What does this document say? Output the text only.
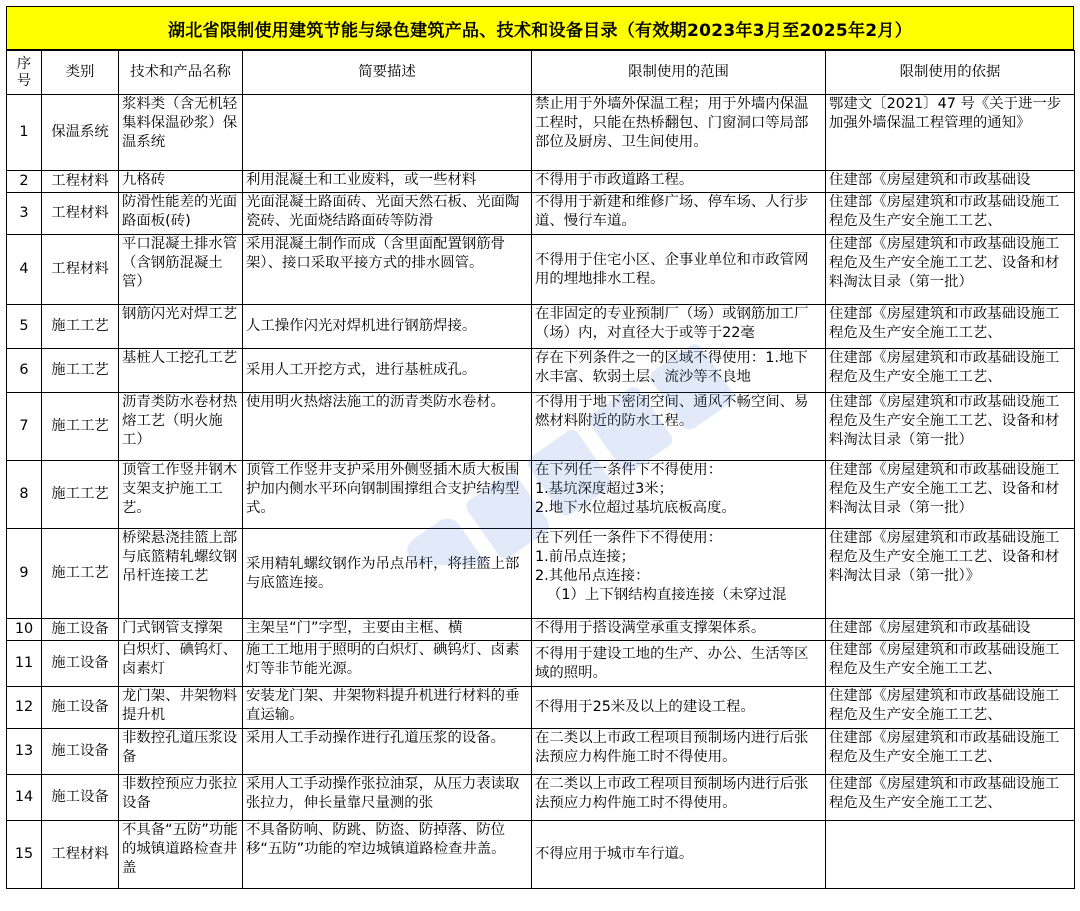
湖北省限制使用建筑节能与绿色建筑产品、技术和设备目录（有效期2023年3月至2025年2月）
序号	类别	技术和产品名称	简要描述	限制使用的范围	限制使用的依据
1	保温系统	浆料类（含无机轻集料保温砂浆）保温系统		禁止用于外墙外保温工程；用于外墙内保温工程时，只能在热桥翻包、门窗洞口等局部部位及厨房、卫生间使用。	鄂建文〔2021〕47 号《关于进一步加强外墙保温工程管理的通知》
2	工程材料	九格砖	利用混凝土和工业废料，或一些材料	不得用于市政道路工程。	住建部《房屋建筑和市政基础设
3	工程材料	防滑性能差的光面路面板(砖)	光面混凝土路面砖、光面天然石板、光面陶瓷砖、光面烧结路面砖等防滑	不得用于新建和维修广场、停车场、人行步道、慢行车道。	住建部《房屋建筑和市政基础设施工程危及生产安全施工工艺、
4	工程材料	平口混凝土排水管（含钢筋混凝土管）	采用混凝土制作而成（含里面配置钢筋骨架）、接口采取平接方式的排水圆管。	不得用于住宅小区、企事业单位和市政管网用的埋地排水工程。	住建部《房屋建筑和市政基础设施工程危及生产安全施工工艺、设备和材料淘汰目录（第一批）
5	施工工艺	钢筋闪光对焊工艺	人工操作闪光对焊机进行钢筋焊接。	在非固定的专业预制厂（场）或钢筋加工厂（场）内，对直径大于或等于22毫	住建部《房屋建筑和市政基础设施工程危及生产安全施工工艺、
6	施工工艺	基桩人工挖孔工艺	采用人工开挖方式，进行基桩成孔。	存在下列条件之一的区域不得使用：1.地下水丰富、软弱土层、流沙等不良地	住建部《房屋建筑和市政基础设施工程危及生产安全施工工艺、
7	施工工艺	沥青类防水卷材热熔工艺（明火施工）	使用明火热熔法施工的沥青类防水卷材。	不得用于地下密闭空间、通风不畅空间、易燃材料附近的防水工程。	住建部《房屋建筑和市政基础设施工程危及生产安全施工工艺、设备和材料淘汰目录（第一批）
8	施工工艺	顶管工作竖井钢木支架支护施工工艺。	顶管工作竖井支护采用外侧竖插木质大板围护加内侧水平环向钢制围撑组合支护结构型式。	在下列任一条件下不得使用：
1.基坑深度超过3米；
2.地下水位超过基坑底板高度。	住建部《房屋建筑和市政基础设施工程危及生产安全施工工艺、设备和材料淘汰目录（第一批）
9	施工工艺	桥梁悬浇挂篮上部与底篮精轧螺纹钢吊杆连接工艺	采用精轧螺纹钢作为吊点吊杆，将挂篮上部与底篮连接。	在下列任一条件下不得使用：
1.前吊点连接；
2.其他吊点连接：
（1）上下钢结构直接连接（未穿过混	住建部《房屋建筑和市政基础设施工程危及生产安全施工工艺、设备和材料淘汰目录（第一批）》
10	施工设备	门式钢管支撑架	主架呈“门”字型，主要由主框、横	不得用于搭设满堂承重支撑架体系。	住建部《房屋建筑和市政基础设
11	施工设备	白炽灯、碘钨灯、卤素灯	施工工地用于照明的白炽灯、碘钨灯、卤素灯等非节能光源。	不得用于建设工地的生产、办公、生活等区域的照明。	住建部《房屋建筑和市政基础设施工程危及生产安全施工工艺、
12	施工设备	龙门架、井架物料提升机	安装龙门架、井架物料提升机进行材料的垂直运输。	不得用于25米及以上的建设工程。	住建部《房屋建筑和市政基础设施工程危及生产安全施工工艺、
13	施工设备	非数控孔道压浆设备	采用人工手动操作进行孔道压浆的设备。	在二类以上市政工程项目预制场内进行后张法预应力构件施工时不得使用。	住建部《房屋建筑和市政基础设施工程危及生产安全施工工艺、
14	施工设备	非数控预应力张拉设备	采用人工手动操作张拉油泵，从压力表读取张拉力，伸长量靠尺量测的张	在二类以上市政工程项目预制场内进行后张法预应力构件施工时不得使用。	住建部《房屋建筑和市政基础设施工程危及生产安全施工工艺、
15	工程材料	不具备“五防”功能的城镇道路检查井盖	不具备防响、防跳、防盗、防掉落、防位移“五防”功能的窄边城镇道路检查井盖。	不得应用于城市车行道。	
